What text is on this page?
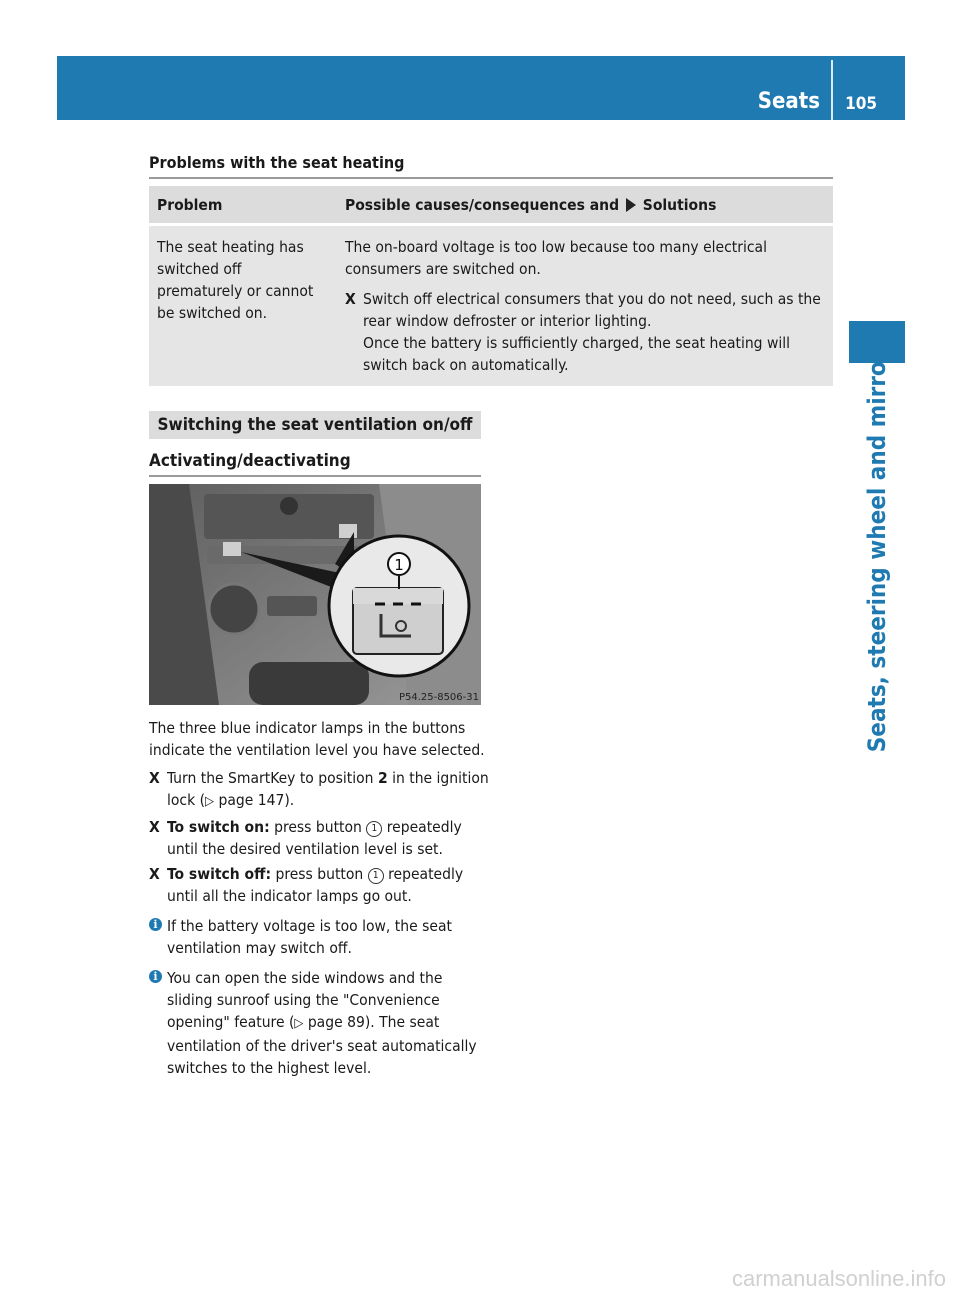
Seats 105
Seats, steering wheel and mirrors
Problems with the seat heating
Problem	Possible causes/consequences and Solutions

The seat heating has switched off prematurely or cannot be switched on.	The on-board voltage is too low because too many electrical consumers are switched on.
X Switch off electrical consumers that you do not need, such as the rear window defroster or interior lighting.
Once the battery is sufficiently charged, the seat heating will switch back on automatically.
Switching the seat ventilation on/off
Activating/deactivating
1
P54.25-8506-31

The three blue indicator lamps in the buttons indicate the ventilation level you have selected.

X Turn the SmartKey to position 2 in the ignition lock (▷ page 147).
X To switch on: press button 1 repeatedly until the desired ventilation level is set.
X To switch off: press button 1 repeatedly until all the indicator lamps go out.
i If the battery voltage is too low, the seat ventilation may switch off.
i You can open the side windows and the sliding sunroof using the "Convenience opening" feature (▷ page 89). The seat ventilation of the driver's seat automatically switches to the highest level.
carmanualsonline.info
